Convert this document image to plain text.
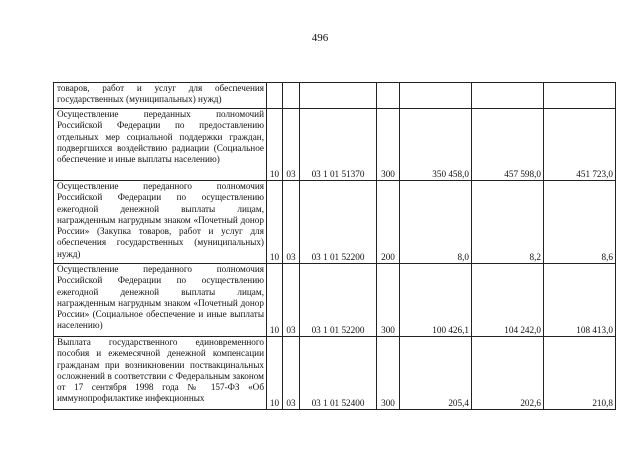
496
товаров, работ и услуг для обеспечения государственных (муниципальных) нужд)							
Осуществление переданных полномочий Российской Федерации по предоставлению отдельных мер социальной поддержки граждан, подвергшихся воздействию радиации (Социальное обеспечение и иные выплаты населению)	10	03	03 1 01 51370	300	350 458,0	457 598,0	451 723,0
Осуществление переданного полномочия Российской Федерации по осуществлению ежегодной денежной выплаты лицам, награжденным нагрудным знаком «Почетный донор России» (Закупка товаров, работ и услуг для обеспечения государственных (муниципальных) нужд)	10	03	03 1 01 52200	200	8,0	8,2	8,6
Осуществление переданного полномочия Российской Федерации по осуществлению ежегодной денежной выплаты лицам, награжденным нагрудным знаком «Почетный донор России» (Социальное обеспечение и иные выплаты населению)	10	03	03 1 01 52200	300	100 426,1	104 242,0	108 413,0
Выплата государственного единовременного пособия и ежемесячной денежной компенсации гражданам при возникновении поствакцинальных осложнений в соответствии с Федеральным законом от 17 сентября 1998 года № 157-ФЗ «Об иммунопрофилактике инфекционных	10	03	03 1 01 52400	300	205,4	202,6	210,8
